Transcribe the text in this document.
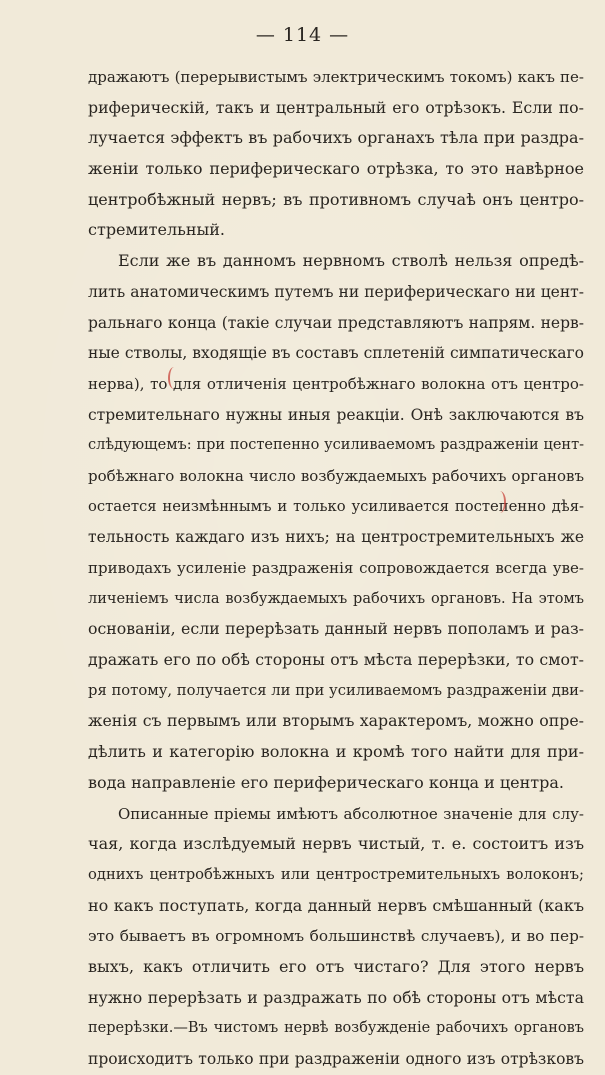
— 114 —
дражаютъ (перерывистымъ электрическимъ токомъ) какъ пе-
риферическій, такъ и центральный его отрѣзокъ. Если по-
лучается эффектъ въ рабочихъ органахъ тѣла при раздра-
женіи только периферическаго отрѣзка, то это навѣрное
центробѣжный нервъ; въ противномъ случаѣ онъ центро-
стремительный.
Если же въ данномъ нервномъ стволѣ нельзя опредѣ-
лить анатомическимъ путемъ ни периферическаго ни цент-
ральнаго конца (такіе случаи представляютъ напрям. нерв-
ные стволы, входящіе въ составъ сплетеній симпатическаго
нерва), то для отличенія центробѣжнаго волокна отъ центро-
стремительнаго нужны иныя реакціи. Онѣ заключаются въ
слѣдующемъ: при постепенно усиливаемомъ раздраженіи цент-
робѣжнаго волокна число возбуждаемыхъ рабочихъ органовъ
остается неизмѣннымъ и только усиливается постепенно дѣя-
тельность каждаго изъ нихъ; на центростремительныхъ же
приводахъ усиленіе раздраженія сопровождается всегда уве-
личеніемъ числа возбуждаемыхъ рабочихъ органовъ. На этомъ
основаніи, если перерѣзать данный нервъ пополамъ и раз-
дражать его по обѣ стороны отъ мѣста перерѣзки, то смот-
ря потому, получается ли при усиливаемомъ раздраженіи дви-
женія съ первымъ или вторымъ характеромъ, можно опре-
дѣлить и категорію волокна и кромѣ того найти для при-
вода направленіе его периферическаго конца и центра.
Описанные пріемы имѣютъ абсолютное значеніе для слу-
чая, когда изслѣдуемый нервъ чистый, т. е. состоитъ изъ
однихъ центробѣжныхъ или центростремительныхъ волоконъ;
но какъ поступать, когда данный нервъ смѣшанный (какъ
это бываетъ въ огромномъ большинствѣ случаевъ), и во пер-
выхъ, какъ отличить его отъ чистаго? Для этого нервъ
нужно перерѣзать и раздражать по обѣ стороны отъ мѣста
перерѣзки.—Въ чистомъ нервѣ возбужденіе рабочихъ органовъ
происходитъ только при раздраженіи одного изъ отрѣзковъ
